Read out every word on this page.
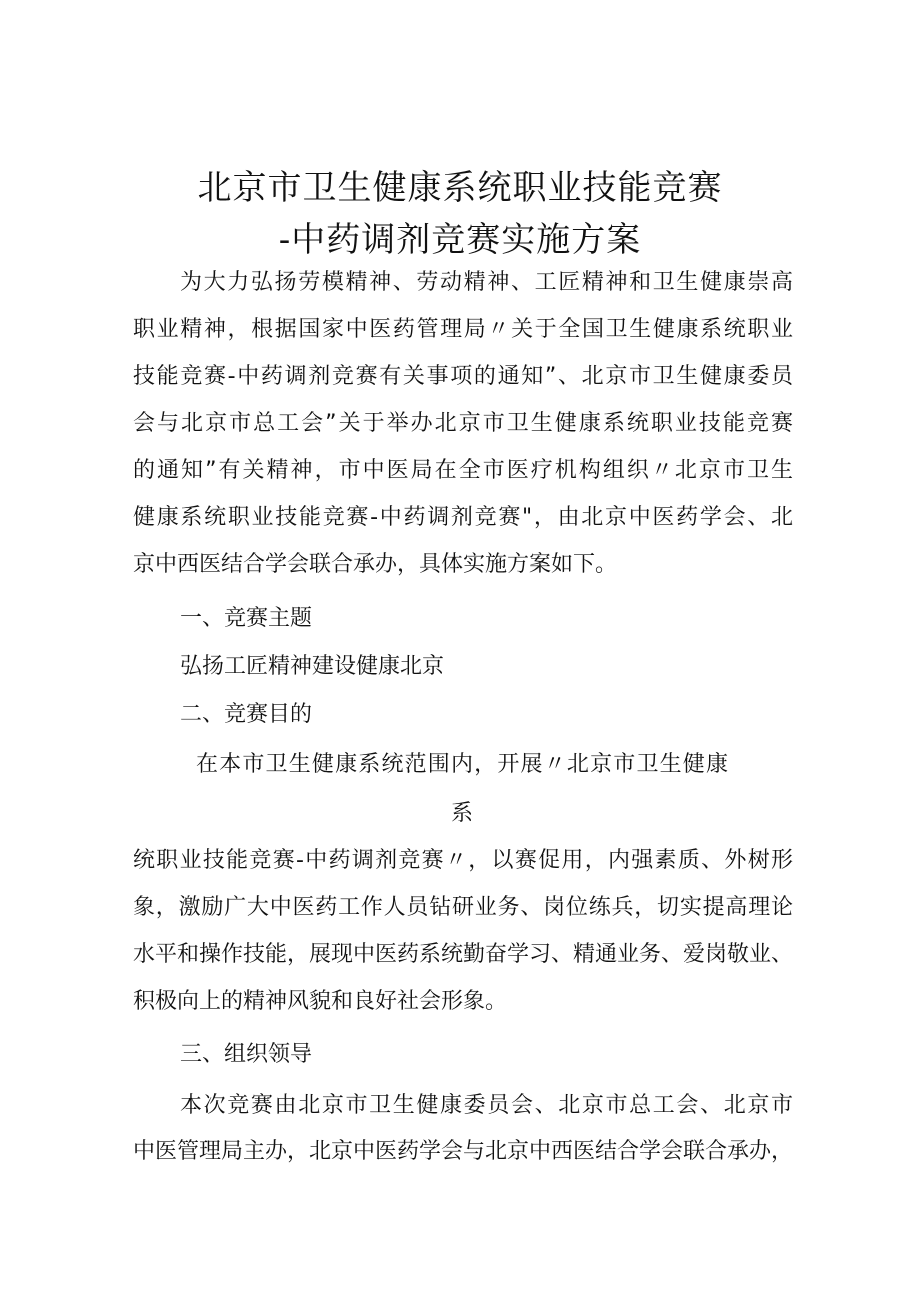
北京市卫生健康系统职业技能竞赛
-中药调剂竞赛实施方案
为大力弘扬劳模精神、劳动精神、工匠精神和卫生健康崇高
职业精神，根据国家中医药管理局〃关于全国卫生健康系统职业
技能竞赛-中药调剂竞赛有关事项的通知”、北京市卫生健康委员
会与北京市总工会”关于举办北京市卫生健康系统职业技能竞赛
的通知”有关精神，市中医局在全市医疗机构组织〃北京市卫生
健康系统职业技能竞赛-中药调剂竞赛"，由北京中医药学会、北
京中西医结合学会联合承办，具体实施方案如下。
一、竞赛主题
弘扬工匠精神建设健康北京
二、竞赛目的
在本市卫生健康系统范围内，开展〃北京市卫生健康
系
统职业技能竞赛-中药调剂竞赛〃，以赛促用，内强素质、外树形
象，激励广大中医药工作人员钻研业务、岗位练兵，切实提高理论
水平和操作技能，展现中医药系统勤奋学习、精通业务、爱岗敬业、
积极向上的精神风貌和良好社会形象。
三、组织领导
本次竞赛由北京市卫生健康委员会、北京市总工会、北京市
中医管理局主办，北京中医药学会与北京中西医结合学会联合承办，
